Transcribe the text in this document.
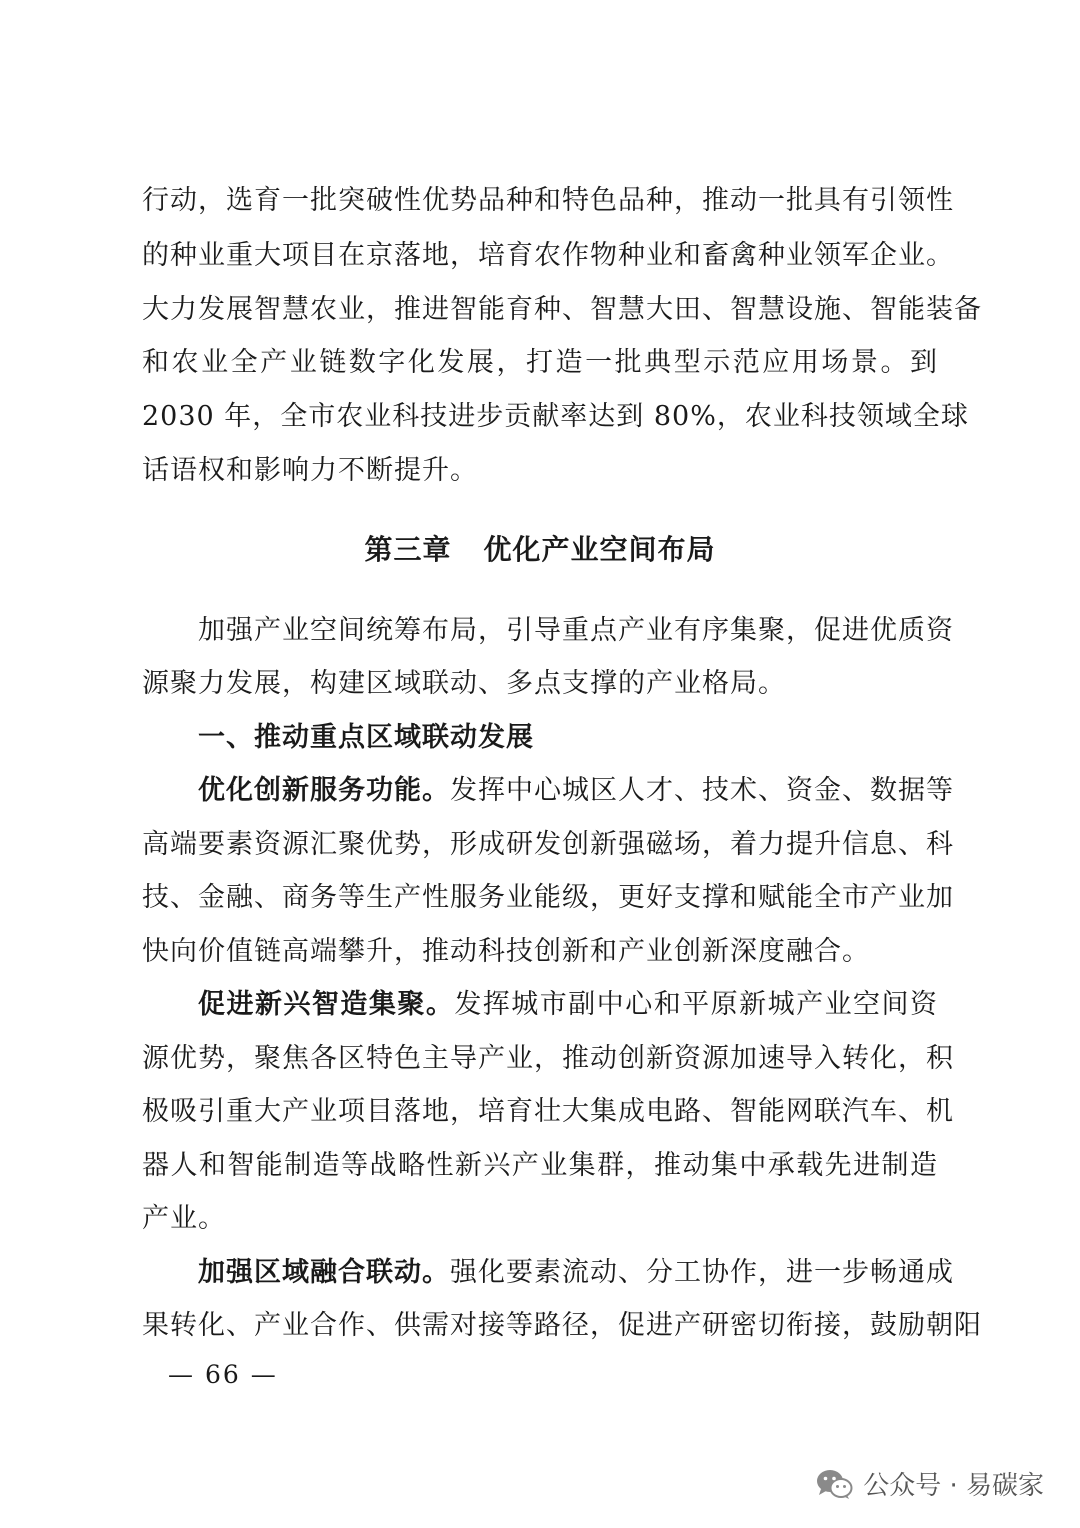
行动，选育一批突破性优势品种和特色品种，推动一批具有引领性
的种业重大项目在京落地，培育农作物种业和畜禽种业领军企业。
大力发展智慧农业，推进智能育种、智慧大田、智慧设施、智能装备
和农业全产业链数字化发展，打造一批典型示范应用场景。到
2030 年，全市农业科技进步贡献率达到 80%，农业科技领域全球
话语权和影响力不断提升。
第三章 优化产业空间布局
加强产业空间统筹布局，引导重点产业有序集聚，促进优质资
源聚力发展，构建区域联动、多点支撑的产业格局。
一、推动重点区域联动发展
优化创新服务功能。发挥中心城区人才、技术、资金、数据等
高端要素资源汇聚优势，形成研发创新强磁场，着力提升信息、科
技、金融、商务等生产性服务业能级，更好支撑和赋能全市产业加
快向价值链高端攀升，推动科技创新和产业创新深度融合。
促进新兴智造集聚。发挥城市副中心和平原新城产业空间资
源优势，聚焦各区特色主导产业，推动创新资源加速导入转化，积
极吸引重大产业项目落地，培育壮大集成电路、智能网联汽车、机
器人和智能制造等战略性新兴产业集群，推动集中承载先进制造
产业。
加强区域融合联动。强化要素流动、分工协作，进一步畅通成
果转化、产业合作、供需对接等路径，促进产研密切衔接，鼓励朝阳
— 66 —
公众号 · 易碳家
